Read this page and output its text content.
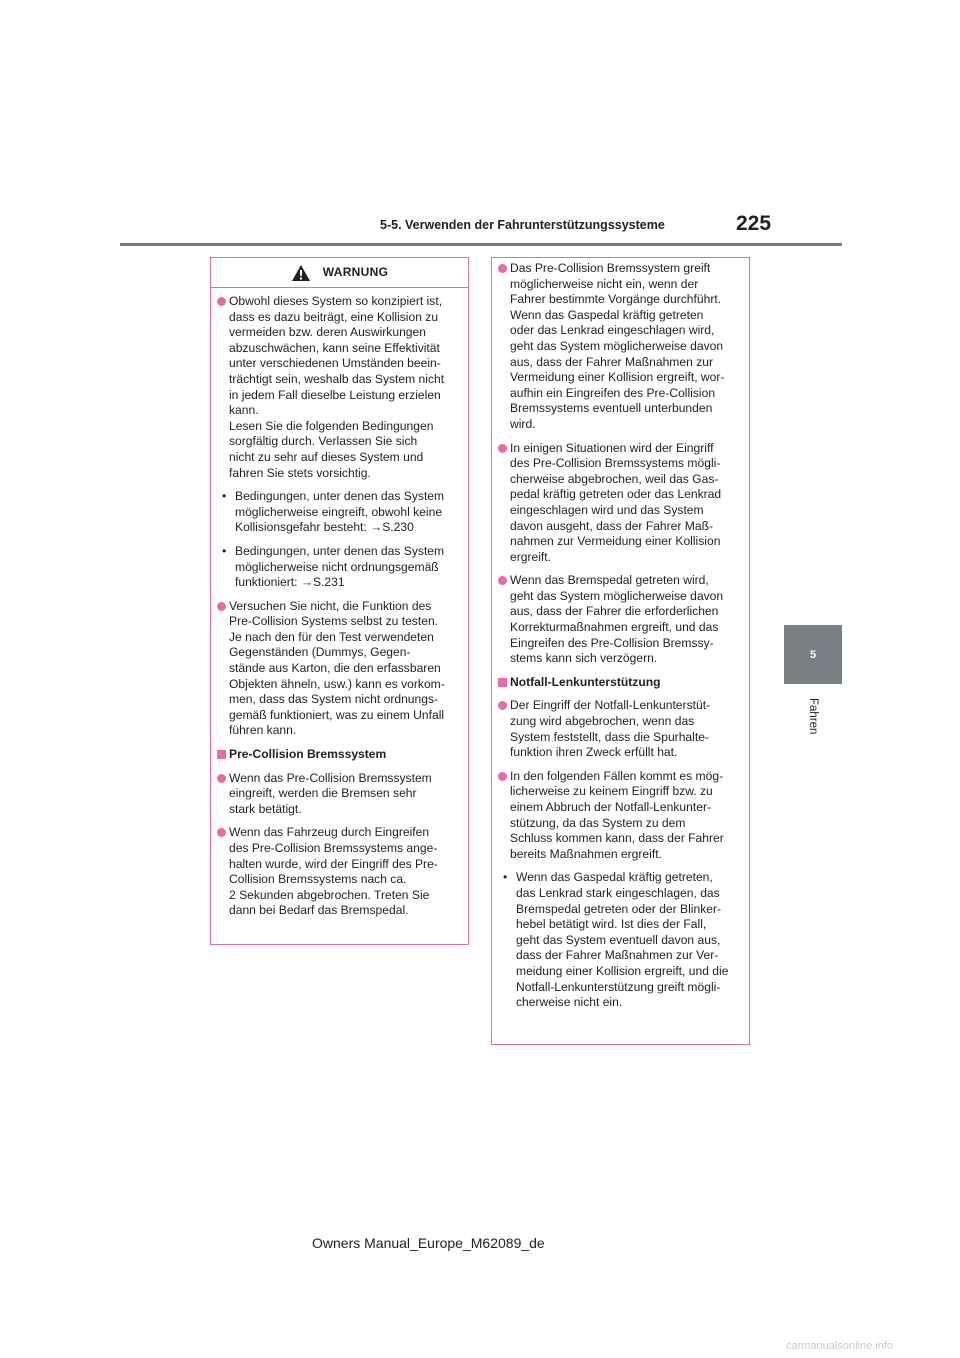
5-5. Verwenden der Fahrunterstützungssysteme	225
5
Fahren
WARNUNG
Obwohl dieses System so konzipiert ist,
dass es dazu beiträgt, eine Kollision zu
vermeiden bzw. deren Auswirkungen
abzuschwächen, kann seine Effektivität
unter verschiedenen Umständen beein-
trächtigt sein, weshalb das System nicht
in jedem Fall dieselbe Leistung erzielen
kann.
Lesen Sie die folgenden Bedingungen
sorgfältig durch. Verlassen Sie sich
nicht zu sehr auf dieses System und
fahren Sie stets vorsichtig.
• Bedingungen, unter denen das System
möglicherweise eingreift, obwohl keine
Kollisionsgefahr besteht: →S.230
• Bedingungen, unter denen das System
möglicherweise nicht ordnungsgemäß
funktioniert: →S.231
Versuchen Sie nicht, die Funktion des
Pre-Collision Systems selbst zu testen.
Je nach den für den Test verwendeten
Gegenständen (Dummys, Gegen-
stände aus Karton, die den erfassbaren
Objekten ähneln, usw.) kann es vorkom-
men, dass das System nicht ordnungs-
gemäß funktioniert, was zu einem Unfall
führen kann.
Pre-Collision Bremssystem
Wenn das Pre-Collision Bremssystem
eingreift, werden die Bremsen sehr
stark betätigt.
Wenn das Fahrzeug durch Eingreifen
des Pre-Collision Bremssystems ange-
halten wurde, wird der Eingriff des Pre-
Collision Bremssystems nach ca.
2 Sekunden abgebrochen. Treten Sie
dann bei Bedarf das Bremspedal.
Das Pre-Collision Bremssystem greift
möglicherweise nicht ein, wenn der
Fahrer bestimmte Vorgänge durchführt.
Wenn das Gaspedal kräftig getreten
oder das Lenkrad eingeschlagen wird,
geht das System möglicherweise davon
aus, dass der Fahrer Maßnahmen zur
Vermeidung einer Kollision ergreift, wor-
aufhin ein Eingreifen des Pre-Collision
Bremssystems eventuell unterbunden
wird.
In einigen Situationen wird der Eingriff
des Pre-Collision Bremssystems mögli-
cherweise abgebrochen, weil das Gas-
pedal kräftig getreten oder das Lenkrad
eingeschlagen wird und das System
davon ausgeht, dass der Fahrer Maß-
nahmen zur Vermeidung einer Kollision
ergreift.
Wenn das Bremspedal getreten wird,
geht das System möglicherweise davon
aus, dass der Fahrer die erforderlichen
Korrekturmaßnahmen ergreift, und das
Eingreifen des Pre-Collision Bremssy-
stems kann sich verzögern.
Notfall-Lenkunterstützung
Der Eingriff der Notfall-Lenkunterstüt-
zung wird abgebrochen, wenn das
System feststellt, dass die Spurhalte-
funktion ihren Zweck erfüllt hat.
In den folgenden Fällen kommt es mög-
licherweise zu keinem Eingriff bzw. zu
einem Abbruch der Notfall-Lenkunter-
stützung, da das System zu dem
Schluss kommen kann, dass der Fahrer
bereits Maßnahmen ergreift.
• Wenn das Gaspedal kräftig getreten,
das Lenkrad stark eingeschlagen, das
Bremspedal getreten oder der Blinker-
hebel betätigt wird. Ist dies der Fall,
geht das System eventuell davon aus,
dass der Fahrer Maßnahmen zur Ver-
meidung einer Kollision ergreift, und die
Notfall-Lenkunterstützung greift mögli-
cherweise nicht ein.
Owners Manual_Europe_M62089_de
carmanualsonline.info
